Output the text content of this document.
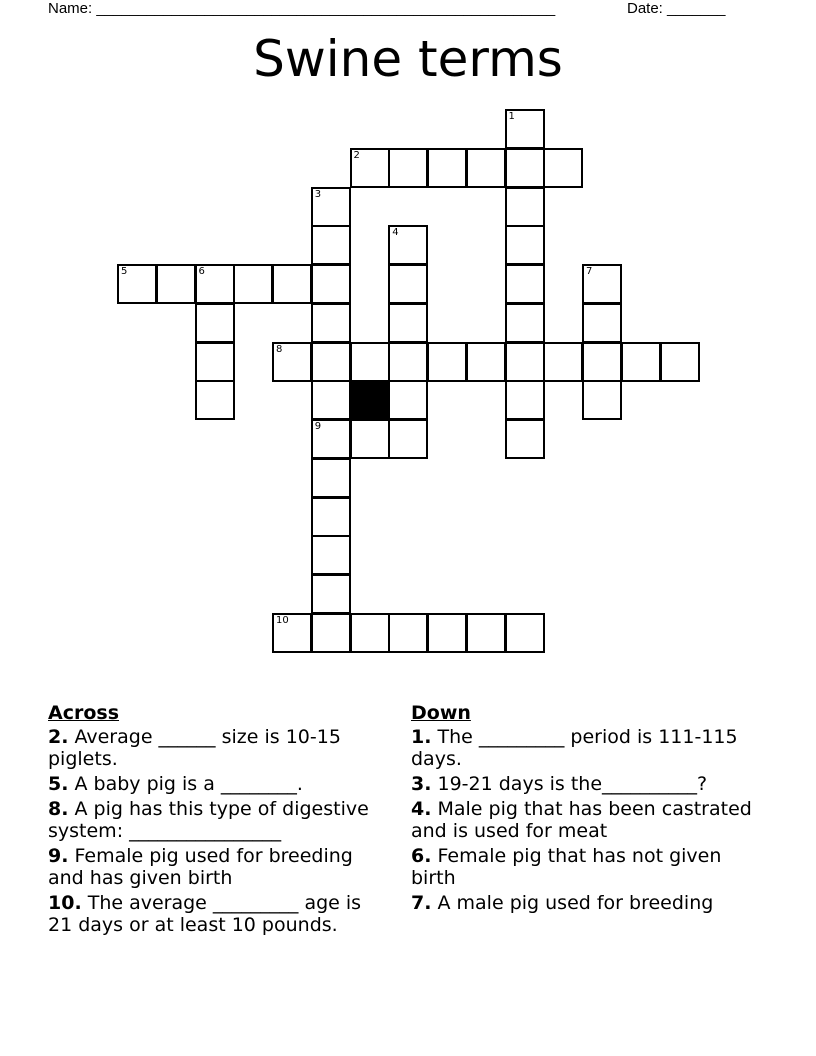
Name: _______________________________________________________	Date: _______
Swine terms
1
2
3
4
5	6	7
8
9
10
Across
2. Average ______ size is 10-15 piglets.
5. A baby pig is a ________.
8. A pig has this type of digestive system: ________________
9. Female pig used for breeding and has given birth
10. The average _________ age is 21 days or at least 10 pounds.
Down
1. The _________ period is 111-115 days.
3. 19-21 days is the__________?
4. Male pig that has been castrated and is used for meat
6. Female pig that has not given birth
7. A male pig used for breeding
